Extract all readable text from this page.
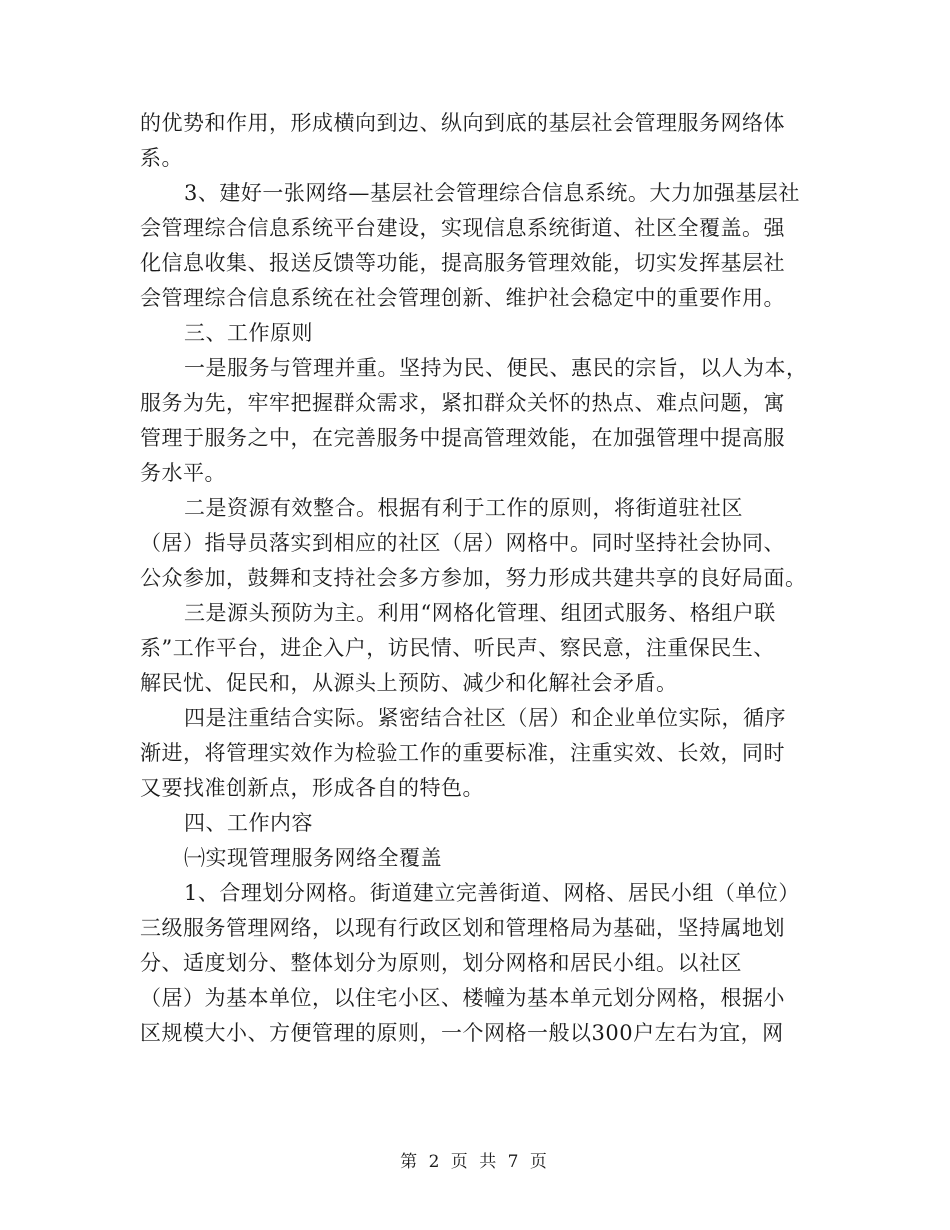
的优势和作用，形成横向到边、纵向到底的基层社会管理服务网络体
系。
3、建好一张网络—基层社会管理综合信息系统。大力加强基层社
会管理综合信息系统平台建设，实现信息系统街道、社区全覆盖。强
化信息收集、报送反馈等功能，提高服务管理效能，切实发挥基层社
会管理综合信息系统在社会管理创新、维护社会稳定中的重要作用。
三、工作原则
一是服务与管理并重。坚持为民、便民、惠民的宗旨，以人为本，
服务为先，牢牢把握群众需求，紧扣群众关怀的热点、难点问题，寓
管理于服务之中，在完善服务中提高管理效能，在加强管理中提高服
务水平。
二是资源有效整合。根据有利于工作的原则，将街道驻社区
（居）指导员落实到相应的社区（居）网格中。同时坚持社会协同、
公众参加，鼓舞和支持社会多方参加，努力形成共建共享的良好局面。
三是源头预防为主。利用“网格化管理、组团式服务、格组户联
系”工作平台，进企入户，访民情、听民声、察民意，注重保民生、
解民忧、促民和，从源头上预防、减少和化解社会矛盾。
四是注重结合实际。紧密结合社区（居）和企业单位实际，循序
渐进，将管理实效作为检验工作的重要标准，注重实效、长效，同时
又要找准创新点，形成各自的特色。
四、工作内容
㈠实现管理服务网络全覆盖
1、合理划分网格。街道建立完善街道、网格、居民小组（单位）
三级服务管理网络，以现有行政区划和管理格局为基础，坚持属地划
分、适度划分、整体划分为原则，划分网格和居民小组。以社区
（居）为基本单位，以住宅小区、楼幢为基本单元划分网格，根据小
区规模大小、方便管理的原则，一个网格一般以300户左右为宜，网
第 2 页 共 7 页
